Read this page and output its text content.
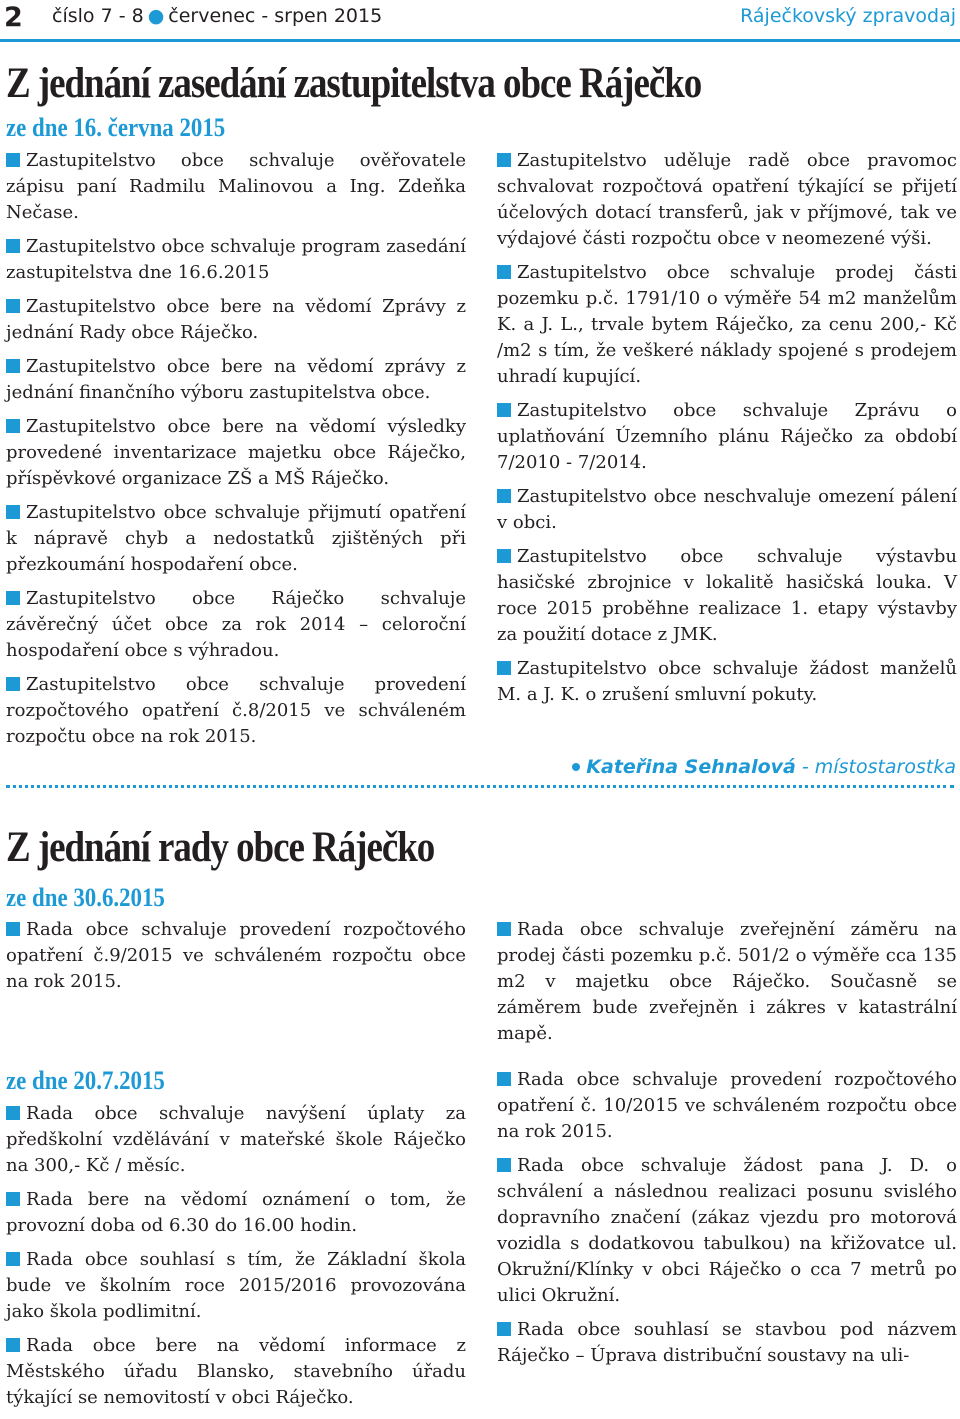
2 číslo 7 - 8 ● červenec - srpen 2015	Ráječkovský zpravodaj
Z jednání zasedání zastupitelstva obce Ráječko
ze dne 16. června 2015

Zastupitelstvo obce schvaluje ověřovatele zápisu paní Radmilu Malinovou a Ing. Zdeňka Nečase.

Zastupitelstvo obce schvaluje program zasedání zastupitelstva dne 16.6.2015

Zastupitelstvo obce bere na vědomí Zprávy z jednání Rady obce Ráječko.

Zastupitelstvo obce bere na vědomí zprávy z jednání finančního výboru zastupitelstva obce.

Zastupitelstvo obce bere na vědomí výsledky provedené inventarizace majetku obce Ráječko, příspěvkové organizace ZŠ a MŠ Ráječko.

Zastupitelstvo obce schvaluje přijmutí opatření k nápravě chyb a nedostatků zjištěných při přezkoumání hospodaření obce.

Zastupitelstvo obce Ráječko schvaluje závěrečný účet obce za rok 2014 – celoroční hospodaření obce s výhradou.

Zastupitelstvo obce schvaluje provedení rozpočtového opatření č.8/2015 ve schváleném rozpočtu obce na rok 2015.

Zastupitelstvo uděluje radě obce pravomoc schvalovat rozpočtová opatření týkající se přijetí účelových dotací transferů, jak v příjmové, tak ve výdajové části rozpočtu obce v neomezené výši.

Zastupitelstvo obce schvaluje prodej části pozemku p.č. 1791/10 o výměře 54 m2 manželům K. a J. L., trvale bytem Ráječko, za cenu 200,- Kč /m2 s tím, že veškeré náklady spojené s prodejem uhradí kupující.

Zastupitelstvo obce schvaluje Zprávu o uplatňování Územního plánu Ráječko za období 7/2010 - 7/2014.

Zastupitelstvo obce neschvaluje omezení pálení v obci.

Zastupitelstvo obce schvaluje výstavbu hasičské zbrojnice v lokalitě hasičská louka. V roce 2015 proběhne realizace 1. etapy výstavby za použití dotace z JMK.

Zastupitelstvo obce schvaluje žádost manželů M. a J. K. o zrušení smluvní pokuty.

Kateřina Sehnalová - místostarostka
Z jednání rady obce Ráječko
ze dne 30.6.2015

Rada obce schvaluje provedení rozpočtového opatření č.9/2015 ve schváleném rozpočtu obce na rok 2015.

ze dne 20.7.2015

Rada obce schvaluje navýšení úplaty za předškolní vzdělávání v mateřské škole Ráječko na 300,- Kč / měsíc.

Rada bere na vědomí oznámení o tom, že provozní doba od 6.30 do 16.00 hodin.

Rada obce souhlasí s tím, že Základní škola bude ve školním roce 2015/2016 provozována jako škola podlimitní.

Rada obce bere na vědomí informace z Městského úřadu Blansko, stavebního úřadu týkající se nemovitostí v obci Ráječko.

Rada obce schvaluje zveřejnění záměru na prodej části pozemku p.č. 501/2 o výměře cca 135 m2 v majetku obce Ráječko. Současně se záměrem bude zveřejněn i zákres v katastrální mapě.

Rada obce schvaluje provedení rozpočtového opatření č. 10/2015 ve schváleném rozpočtu obce na rok 2015.

Rada obce schvaluje žádost pana J. D. o schválení a následnou realizaci posunu svislého dopravního značení (zákaz vjezdu pro motorová vozidla s dodatkovou tabulkou) na křižovatce ul. Okružní/Klínky v obci Ráječko o cca 7 metrů po ulici Okružní.

Rada obce souhlasí se stavbou pod názvem Ráječko – Úprava distribuční soustavy na uli-
